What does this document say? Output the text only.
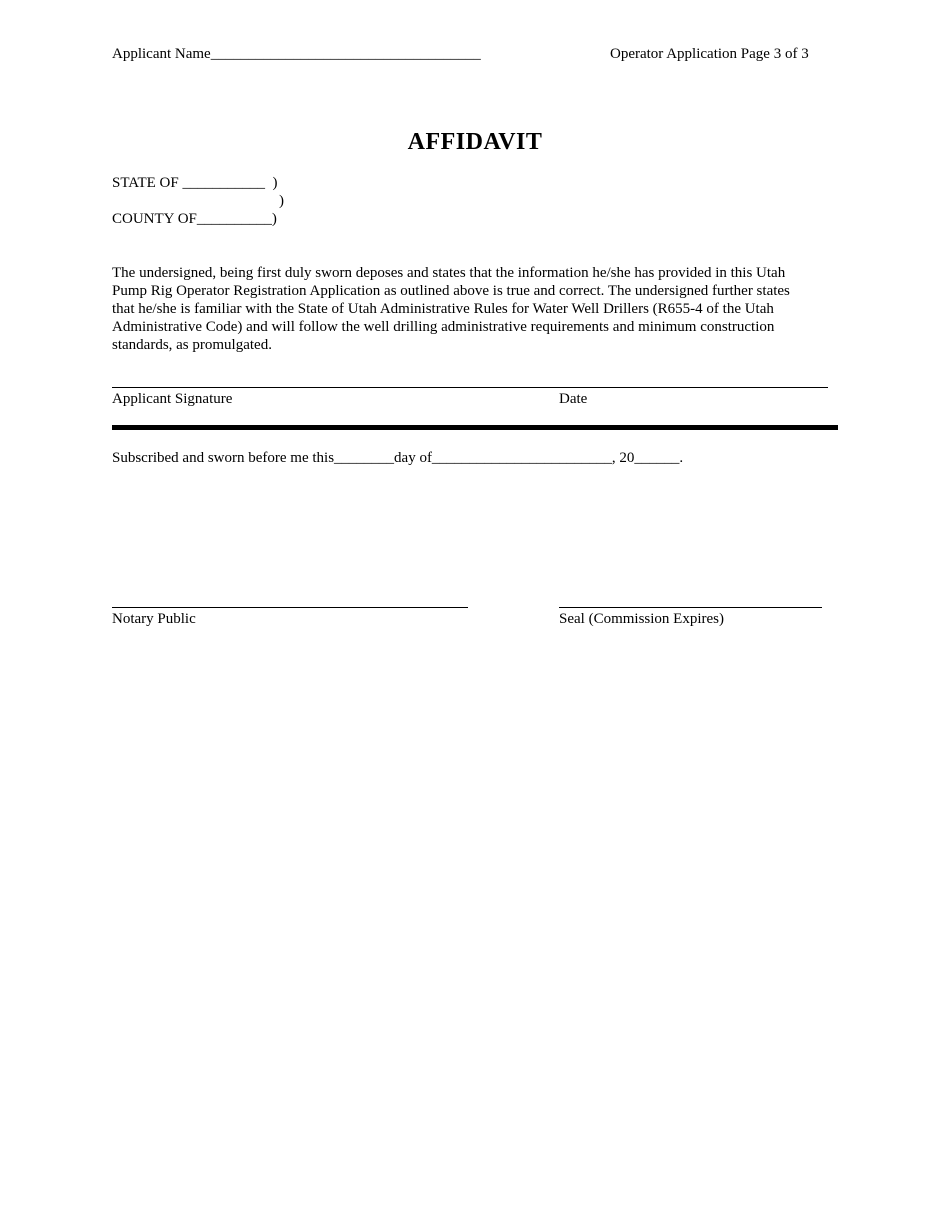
Applicant Name____________________________________	Operator Application Page 3 of 3
AFFIDAVIT
STATE OF ___________  )
)
COUNTY OF__________)
The undersigned, being first duly sworn deposes and states that the information he/she has provided in this Utah
Pump Rig Operator Registration Application as outlined above is true and correct. The undersigned further states
that he/she is familiar with the State of Utah Administrative Rules for Water Well Drillers (R655-4 of the Utah
Administrative Code) and will follow the well drilling administrative requirements and minimum construction
standards, as promulgated.
Applicant Signature	Date
Subscribed and sworn before me this________day of________________________, 20______.
Notary Public	Seal (Commission Expires)
